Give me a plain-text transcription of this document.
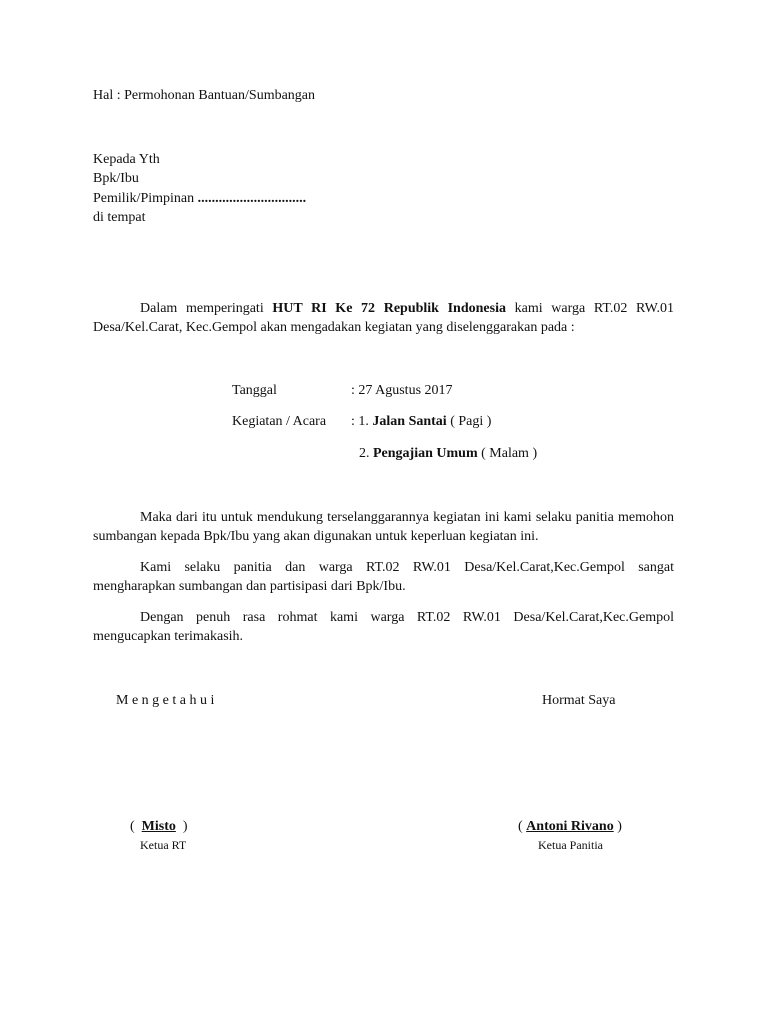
Hal : Permohonan Bantuan/Sumbangan
Kepada Yth
Bpk/Ibu
Pemilik/Pimpinan ...............................
di tempat
Dalam memperingati HUT RI Ke 72 Republik Indonesia kami warga RT.02 RW.01 Desa/Kel.Carat, Kec.Gempol akan mengadakan kegiatan yang diselenggarakan pada :
Tanggal	: 27 Agustus 2017
Kegiatan / Acara : 1. Jalan Santai ( Pagi )
2. Pengajian Umum ( Malam )
Maka dari itu untuk mendukung terselanggarannya kegiatan ini kami selaku panitia memohon sumbangan kepada Bpk/Ibu yang akan digunakan untuk keperluan kegiatan ini.
Kami selaku panitia dan warga RT.02 RW.01 Desa/Kel.Carat,Kec.Gempol sangat mengharapkan sumbangan dan partisipasi dari Bpk/Ibu.
Dengan penuh rasa rohmat kami warga RT.02 RW.01 Desa/Kel.Carat,Kec.Gempol mengucapkan terimakasih.
M e n g e t a h u i
(  Misto  )
Ketua RT
Hormat Saya
( Antoni Rivano )
Ketua Panitia
